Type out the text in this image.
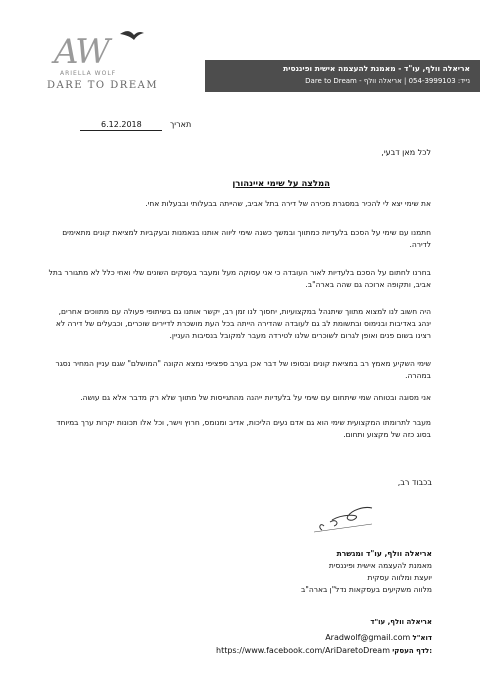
AW
ARIELLA WOLF
DARE TO DREAM
אריאלה וולף, עו"ד - מאמנת להעצמה אישית ופיננסית
נייד: 054-3999103 | אריאלה וולף - Dare to Dream
6.12.2018	תאריך
לכל מאן דבעי,
המלצה על שימי איינהורן
את שימי יצא לי להכיר במסגרת מכירה של דירה בתל אביב, שהייתה בבעלותי ובבעלות אחי.
חתמנו עם שימי על הסכם בלעדיות כמתווך ובמשך כשנה שימי ליווה אותנו בנאמנות ובעקביות למציאת קונים מתאימים לדירה.
בחרנו לחתום על הסכם בלעדיות לאור העובדה כי אני עסוקה מעל ומעבר בעסקים השונים שלי ואחי כלל לא מתגורר בתל אביב, ותקופה ארוכה גם שהה בארה"ב.
היה חשוב לנו למצוא מתווך שיתנהל במקצועיות, יחסוך לנו זמן רב, יקשר אותנו גם בשיתופי פעולה עם מתווכים אחרים, ינהג באדיבות ובנימוס ובתשומת לב גם לעובדה שהדירה הייתה בכל העת מושכרת לדיירים שוכרים, וכבעלים של דירה לא רצינו בשום פנים ואופן לגרום לשוכרים שלנו לטירדה מעבר למקובל בנסיבות העניין.
שימי השקיע מאמץ רב במציאת קונים ובסופו של דבר אכן בערב ספציפי נמצא הקונה "המושלם" שגם עניין המחיר נסגר במהרה.
אני מסוגה ובטוחה שמי שיתחום עם שימי על בלעדיות ייהנה מהתגייסות של מתווך שלא רק מדבר אלא גם עושה.
מעבר לתרומתו המקצועית שימי הוא גם אדם נעים הליכות, אדיב ומנומס, חרוץ וישר, וכל אלו תכונות יקרות ערך במיוחד בסוג כזה של מקצוע ותחום.
בכבוד רב,
אריאלה וולף, עו"ד ומגשרת
מאמנת להעצמה אישית ופיננסית
יועצת ומלווה עסקית
מלווה משקיעים בעסקאות נדל"ן בארה"ב
אריאלה וולף, עו"ד
Aradwolf@gmail.com דוא"ל
https://www.facebook.com/AriDaretoDream לדף העסקי:
